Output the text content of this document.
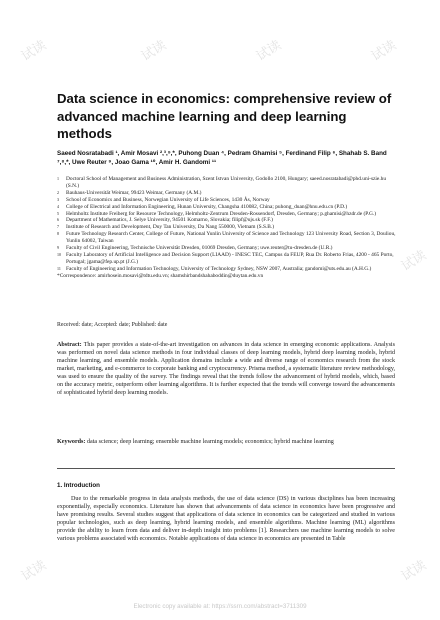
试读	试读	试读	试读
试读
试读	试读
Data science in economics: comprehensive review of advanced machine learning and deep learning methods
Saeed Nosratabadi ¹, Amir Mosavi ²,³,⁹,*, Puhong Duan ⁴, Pedram Ghamisi ⁵, Ferdinand Filip ⁶, Shahab S. Band ⁷,⁸,*, Uwe Reuter ⁹, Joao Gama ¹⁰, Amir H. Gandomi ¹¹
1	Doctoral School of Management and Business Administration, Szent Istvan University, Godollo 2100, Hungary; saeed.nosratabadi@phd.uni-szie.hu (S.N.)
2	Bauhaus-Universität Weimar, 99423 Weimar, Germany (A.M.)
3	School of Economics and Business, Norwegian University of Life Sciences, 1430 Ås, Norway
4	College of Electrical and Information Engineering, Hunan University, Changsha 410082, China; puhong_duan@hnu.edu.cn (P.D.)
5	Helmholtz Institute Freiberg for Resource Technology, Helmholtz-Zentrum Dresden-Rossendorf, Dresden, Germany; p.ghamisi@hzdr.de (P.G.)
6	Department of Mathematics, J. Selye University, 94501 Komarno, Slovakia; filipf@ujs.sk (F.F.)
7	Institute of Research and Development, Duy Tan University, Da Nang 550000, Vietnam (S.S.B.)
8	Future Technology Research Center, College of Future, National Yunlin University of Science and Technology 123 University Road, Section 3, Douliou, Yunlin 64002, Taiwan
9	Faculty of Civil Engineering, Technische Universität Dresden, 01069 Dresden, Germany; uwe.reuter@tu-dresden.de (U.R.)
10 Faculty Laboratory of Artificial Intelligence and Decision Support (LIAAD) - INESC TEC, Campus da FEUP, Rua Dr. Roberto Frias, 4200 - 465 Porto, Portugal; jgama@fep.up.pt (J.G.)
11 Faculty of Engineering and Information Technology, University of Technology Sydney, NSW 2007, Australia; gandomi@uts.edu.au (A.H.G.)
*Correspondence: amirhosein.mosavi@tdtu.edu.vn; shamshirbandshahaboddin@duytan.edu.vn
Received: date; Accepted: date; Published: date
Abstract: This paper provides a state-of-the-art investigation on advances in data science in emerging economic applications. Analysis was performed on novel data science methods in four individual classes of deep learning models, hybrid deep learning models, hybrid machine learning, and ensemble models. Application domains include a wide and diverse range of economics research from the stock market, marketing, and e-commerce to corporate banking and cryptocurrency. Prisma method, a systematic literature review methodology, was used to ensure the quality of the survey. The findings reveal that the trends follow the advancement of hybrid models, which, based on the accuracy metric, outperform other learning algorithms. It is further expected that the trends will converge toward the advancements of sophisticated hybrid deep learning models.
Keywords: data science; deep learning; ensemble machine learning models; economics; hybrid machine learning
1. Introduction
Due to the remarkable progress in data analysis methods, the use of data science (DS) in various disciplines has been increasing exponentially, especially economics. Literature has shown that advancements of data science in economics have been progressive and have promising results. Several studies suggest that applications of data science in economics can be categorized and studied in various popular technologies, such as deep learning, hybrid learning models, and ensemble algorithms. Machine learning (ML) algorithms provide the ability to learn from data and deliver in-depth insight into problems [1]. Researchers use machine learning models to solve various problems associated with economics. Notable applications of data science in economics are presented in Table
Electronic copy available at: https://ssrn.com/abstract=3711309
